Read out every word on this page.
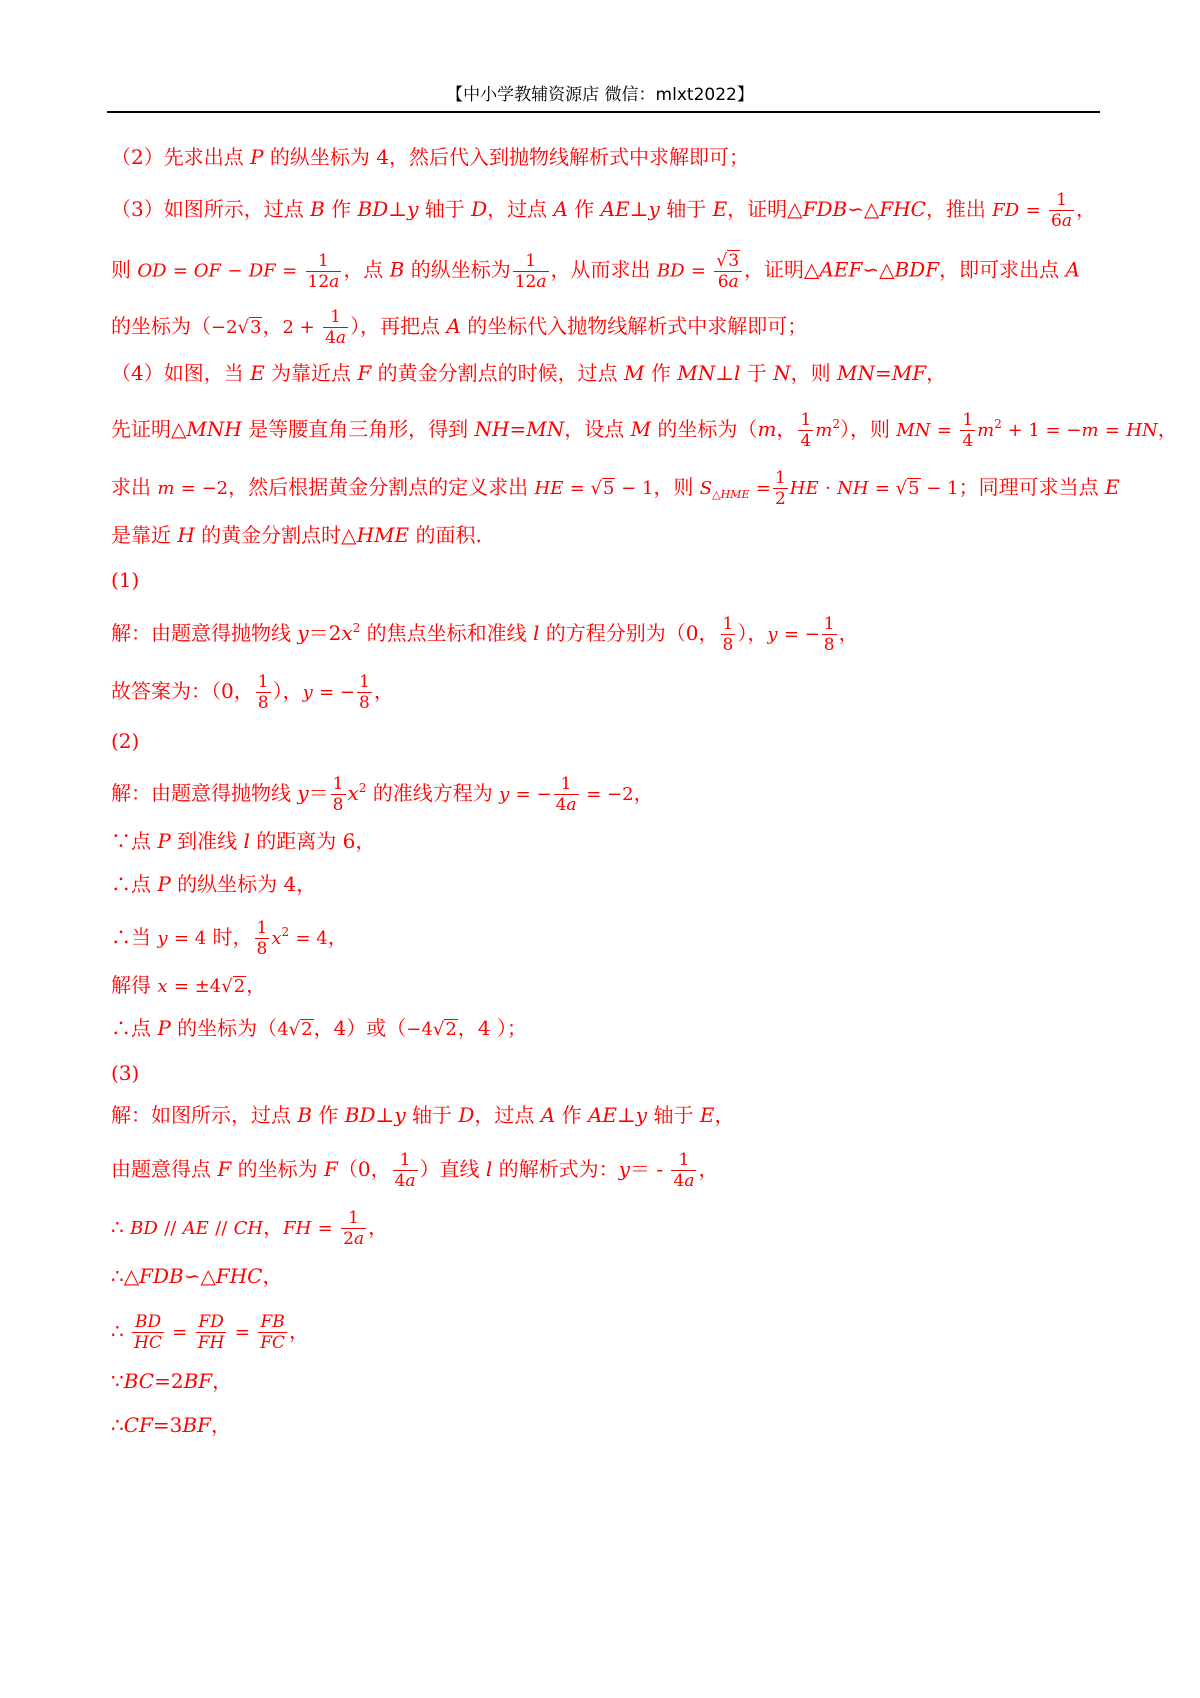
【中小学教辅资源店 微信：mlxt2022】
（2）先求出点 P 的纵坐标为 4，然后代入到抛物线解析式中求解即可；
（3）如图所示，过点 B 作 BD⊥y 轴于 D，过点 A 作 AE⊥y 轴于 E，证明△FDB∽△FHC，推出 FD = $\frac{1}{6a}$ ，
则 OD = OF − DF = $\frac{1}{12a}$ ，点 B 的纵坐标为 $\frac{1}{12a}$ ，从而求出 BD = $\frac{√3}{6a}$ ，证明△AEF∽△BDF，即可求出点 A
的坐标为（−2√3，$2 + \frac{1}{4a}$ ），再把点 A 的坐标代入抛物线解析式中求解即可；
（4）如图，当 E 为靠近点 F 的黄金分割点的时候，过点 M 作 MN⊥l 于 N，则 MN=MF，
先证明△MNH 是等腰直角三角形，得到 NH=MN，设点 M 的坐标为（m， $\frac{1}{4} m^2$），则 MN = $\frac{1}{4} m^2 + 1 = -m$ = HN，
求出 m = −2，然后根据黄金分割点的定义求出 HE = √5 − 1，则 $S_{\triangle HME} = \frac{1}{2}$ HE · NH = √5 − 1；同理可求当点 E
是靠近 H 的黄金分割点时△HME 的面积.
(1)
解：由题意得抛物线 $y=2x^2$ 的焦点坐标和准线 l 的方程分别为（0， $\frac{1}{8}$ ），y = − $\frac{1}{8}$ ，
故答案为：（0， $\frac{1}{8}$ ），y = − $\frac{1}{8}$ ，
(2)
解：由题意得抛物线 $y= \frac{1}{8} x^2$ 的准线方程为 y = − $\frac{1}{4a} = -2$，
∵点 P 到准线 l 的距离为 6，
∴点 P 的纵坐标为 4，
∴当 y = 4 时， $\frac{1}{8} x^2 = 4$，
解得 x = ±4√2，
∴点 P 的坐标为（4√2，4）或（−4√2，4 ）；
(3)
解：如图所示，过点 B 作 BD⊥y 轴于 D，过点 A 作 AE⊥y 轴于 E，
由题意得点 F 的坐标为 F（0， $\frac{1}{4a}$ ）直线 l 的解析式为：$y= - \frac{1}{4a}$ ，
∴ BD // AE // CH，FH = $\frac{1}{2a}$ ，
∴△FDB∽△FHC，
∴ $\frac{BD}{HC} = \frac{FD}{FH} = \frac{FB}{FC}$ ，
∵BC=2BF，
∴CF=3BF，
